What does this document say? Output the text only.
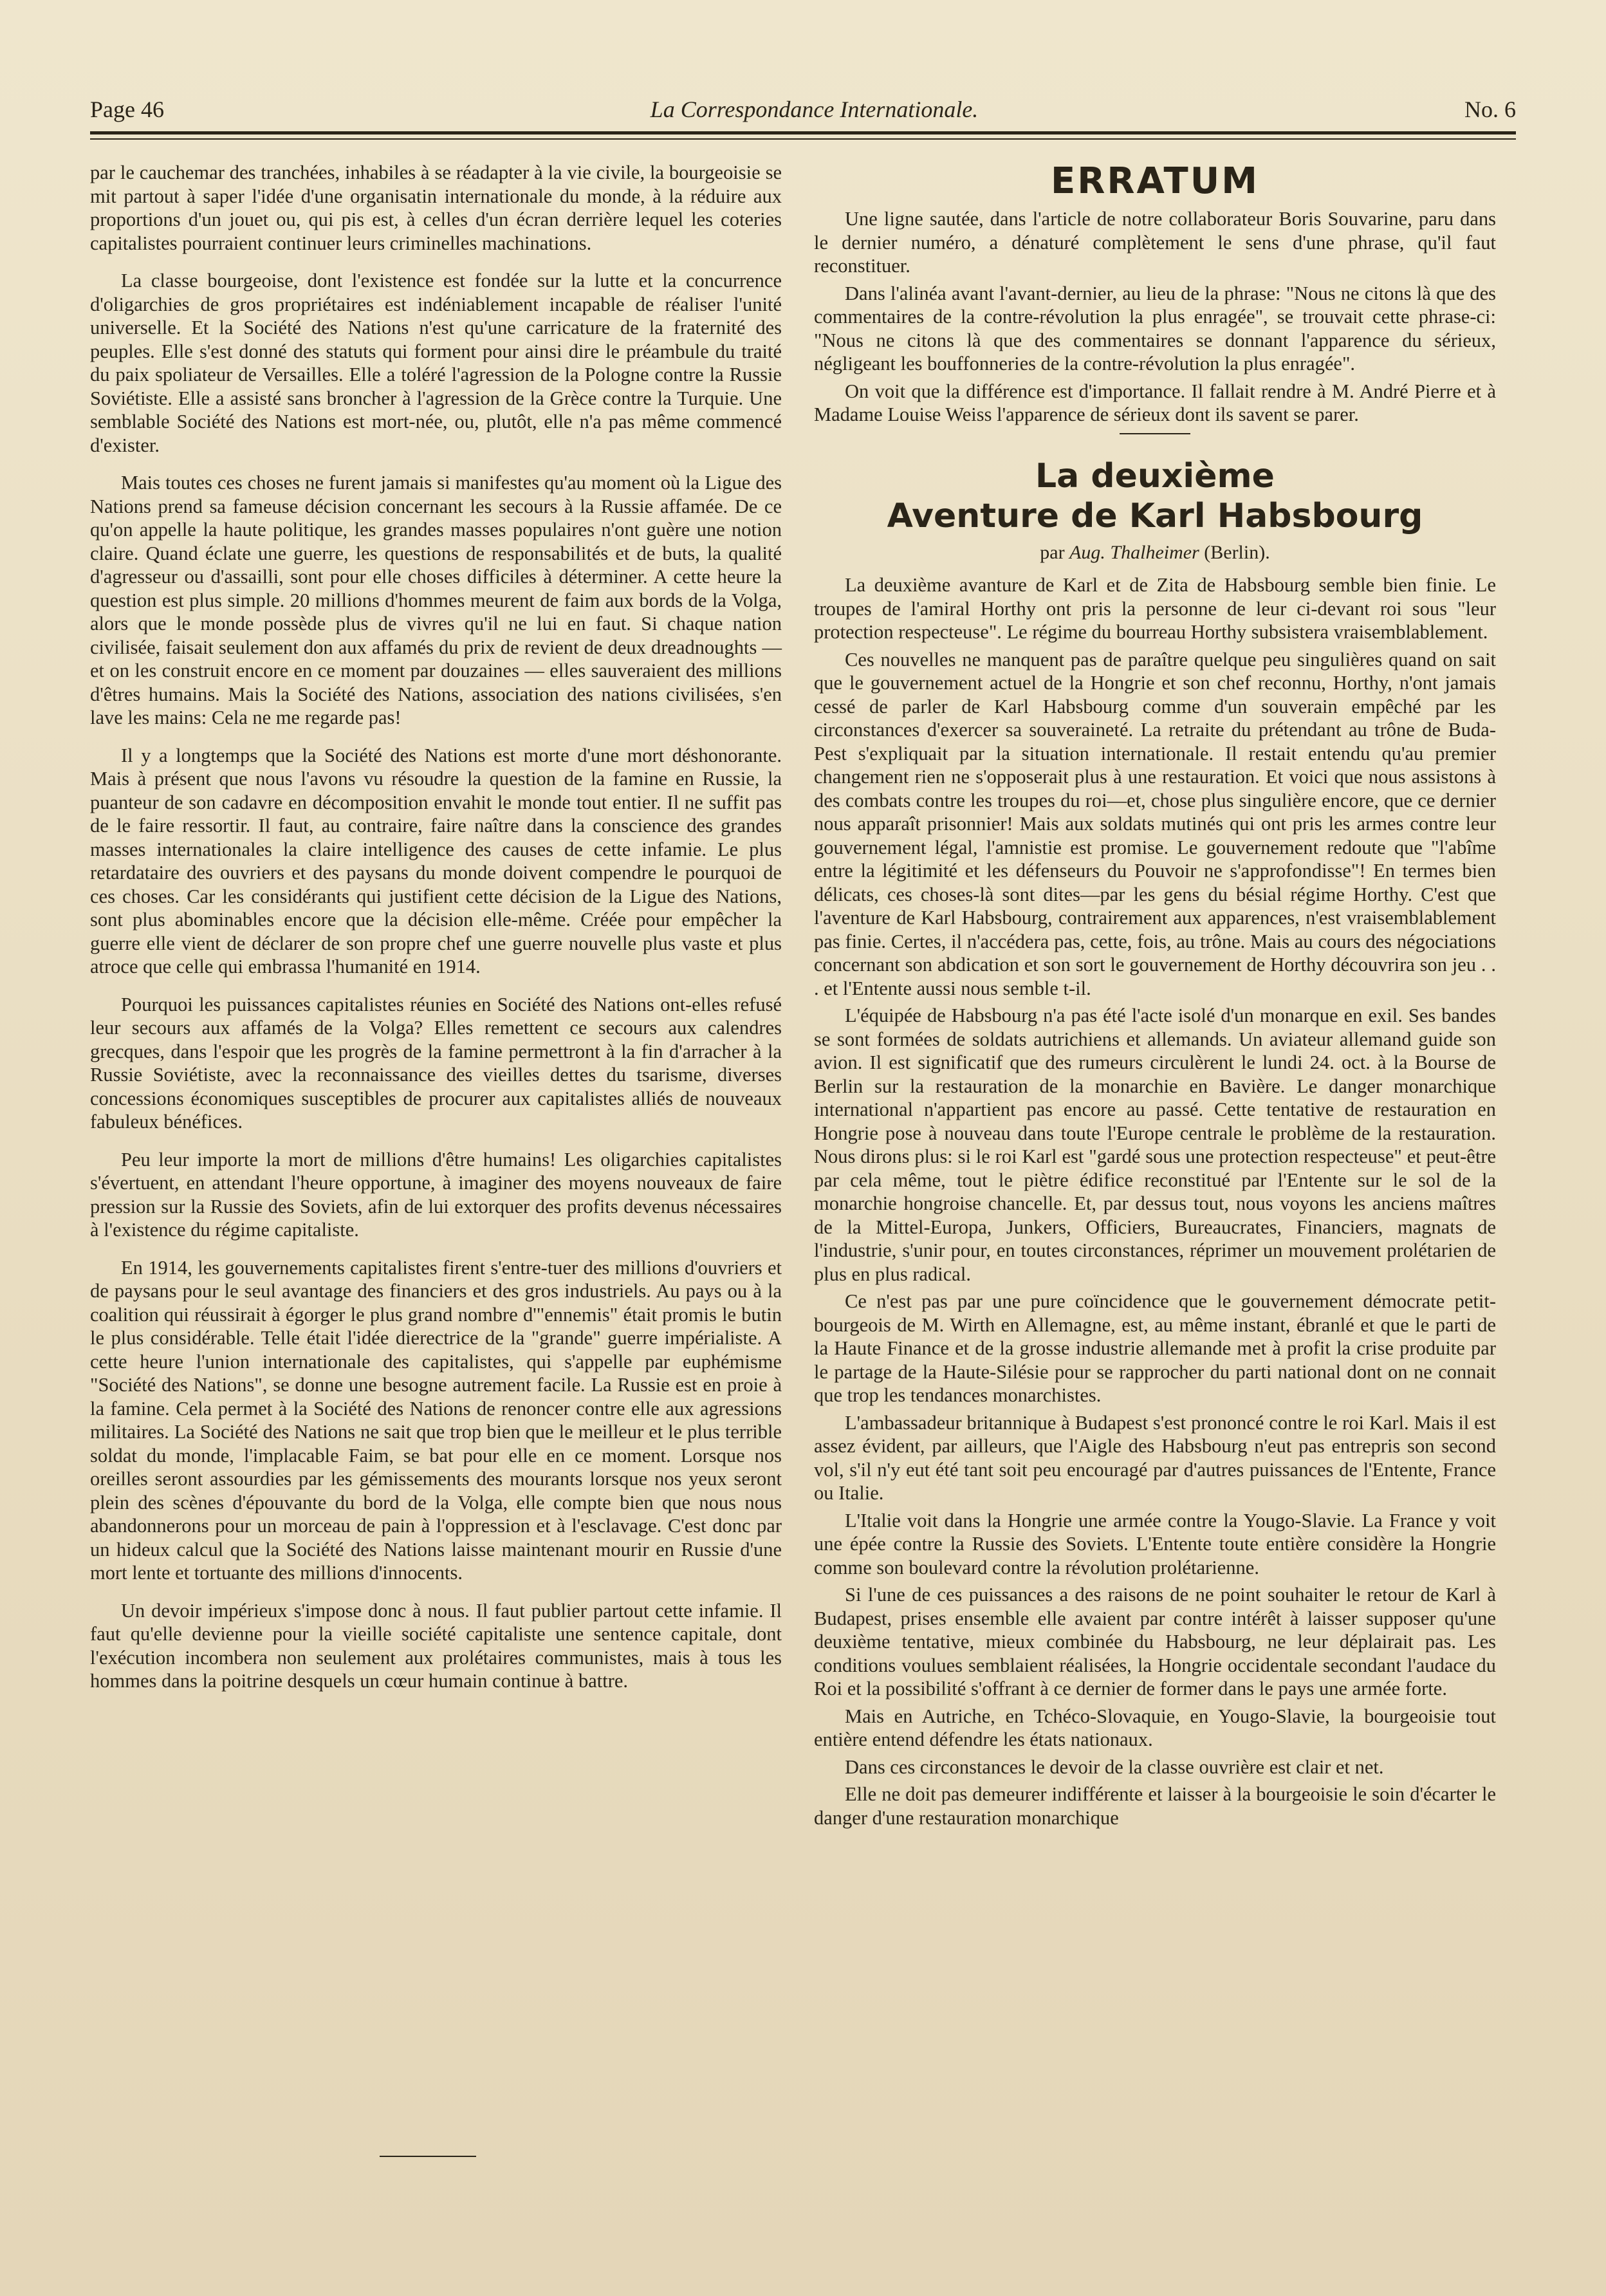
Page 46	La Correspondance Internationale.	No. 6

par le cauchemar des tranchées, inhabiles à se réadapter à la vie civile, la bourgeoisie se mit partout à saper l'idée d'une organisatin internationale du monde, à la réduire aux proportions d'un jouet ou, qui pis est, à celles d'un écran derrière lequel les coteries capitalistes pourraient continuer leurs criminelles machinations.

La classe bourgeoise, dont l'existence est fondée sur la lutte et la concurrence d'oligarchies de gros propriétaires est indéniablement incapable de réaliser l'unité universelle. Et la Société des Nations n'est qu'une carricature de la fraternité des peuples. Elle s'est donné des statuts qui forment pour ainsi dire le préambule du traité du paix spoliateur de Versailles. Elle a toléré l'agression de la Pologne contre la Russie Soviétiste. Elle a assisté sans broncher à l'agression de la Grèce contre la Turquie. Une semblable Société des Nations est mort-née, ou, plutôt, elle n'a pas même commencé d'exister.

Mais toutes ces choses ne furent jamais si manifestes qu'au moment où la Ligue des Nations prend sa fameuse décision concernant les secours à la Russie affamée. De ce qu'on appelle la haute politique, les grandes masses populaires n'ont guère une notion claire. Quand éclate une guerre, les questions de responsabilités et de buts, la qualité d'agresseur ou d'assailli, sont pour elle choses difficiles à déterminer. A cette heure la question est plus simple. 20 millions d'hommes meurent de faim aux bords de la Volga, alors que le monde possède plus de vivres qu'il ne lui en faut. Si chaque nation civilisée, faisait seulement don aux affamés du prix de revient de deux dreadnoughts — et on les construit encore en ce moment par douzaines — elles sauveraient des millions d'êtres humains. Mais la Société des Nations, association des nations civilisées, s'en lave les mains: Cela ne me regarde pas!

Il y a longtemps que la Société des Nations est morte d'une mort déshonorante. Mais à présent que nous l'avons vu résoudre la question de la famine en Russie, la puanteur de son cadavre en décomposition envahit le monde tout entier. Il ne suffit pas de le faire ressortir. Il faut, au contraire, faire naître dans la conscience des grandes masses internationales la claire intelligence des causes de cette infamie. Le plus retardataire des ouvriers et des paysans du monde doivent compendre le pourquoi de ces choses. Car les considérants qui justifient cette décision de la Ligue des Nations, sont plus abominables encore que la décision elle-même. Créée pour empêcher la guerre elle vient de déclarer de son propre chef une guerre nouvelle plus vaste et plus atroce que celle qui embrassa l'humanité en 1914.

Pourquoi les puissances capitalistes réunies en Société des Nations ont-elles refusé leur secours aux affamés de la Volga? Elles remettent ce secours aux calendres grecques, dans l'espoir que les progrès de la famine permettront à la fin d'arracher à la Russie Soviétiste, avec la reconnaissance des vieilles dettes du tsarisme, diverses concessions économiques susceptibles de procurer aux capitalistes alliés de nouveaux fabuleux bénéfices.

Peu leur importe la mort de millions d'être humains! Les oligarchies capitalistes s'évertuent, en attendant l'heure opportune, à imaginer des moyens nouveaux de faire pression sur la Russie des Soviets, afin de lui extorquer des profits devenus nécessaires à l'existence du régime capitaliste.

En 1914, les gouvernements capitalistes firent s'entre-tuer des millions d'ouvriers et de paysans pour le seul avantage des financiers et des gros industriels. Au pays ou à la coalition qui réussirait à égorger le plus grand nombre d'"ennemis" était promis le butin le plus considérable. Telle était l'idée dierectrice de la "grande" guerre impérialiste. A cette heure l'union internationale des capitalistes, qui s'appelle par euphémisme "Société des Nations", se donne une besogne autrement facile. La Russie est en proie à la famine. Cela permet à la Société des Nations de renoncer contre elle aux agressions militaires. La Société des Nations ne sait que trop bien que le meilleur et le plus terrible soldat du monde, l'implacable Faim, se bat pour elle en ce moment. Lorsque nos oreilles seront assourdies par les gémissements des mourants lorsque nos yeux seront plein des scènes d'épouvante du bord de la Volga, elle compte bien que nous nous abandonnerons pour un morceau de pain à l'oppression et à l'esclavage. C'est donc par un hideux calcul que la Société des Nations laisse maintenant mourir en Russie d'une mort lente et tortuante des millions d'innocents.

Un devoir impérieux s'impose donc à nous. Il faut publier partout cette infamie. Il faut qu'elle devienne pour la vieille société capitaliste une sentence capitale, dont l'exécution incombera non seulement aux prolétaires communistes, mais à tous les hommes dans la poitrine desquels un cœur humain continue à battre.

ERRATUM

Une ligne sautée, dans l'article de notre collaborateur Boris Souvarine, paru dans le dernier numéro, a dénaturé complètement le sens d'une phrase, qu'il faut reconstituer.

Dans l'alinéa avant l'avant-dernier, au lieu de la phrase: "Nous ne citons là que des commentaires de la contre-révolution la plus enragée", se trouvait cette phrase-ci: "Nous ne citons là que des commentaires se donnant l'apparence du sérieux, négligeant les bouffonneries de la contre-révolution la plus enragée".

On voit que la différence est d'importance. Il fallait rendre à M. André Pierre et à Madame Louise Weiss l'apparence de sérieux dont ils savent se parer.

La deuxième
Aventure de Karl Habsbourg
par Aug. Thalheimer (Berlin).

La deuxième avanture de Karl et de Zita de Habsbourg semble bien finie. Le troupes de l'amiral Horthy ont pris la personne de leur ci-devant roi sous "leur protection respecteuse". Le régime du bourreau Horthy subsistera vraisemblablement.

Ces nouvelles ne manquent pas de paraître quelque peu singulières quand on sait que le gouvernement actuel de la Hongrie et son chef reconnu, Horthy, n'ont jamais cessé de parler de Karl Habsbourg comme d'un souverain empêché par les circonstances d'exercer sa souveraineté. La retraite du prétendant au trône de Buda-Pest s'expliquait par la situation internationale. Il restait entendu qu'au premier changement rien ne s'opposerait plus à une restauration. Et voici que nous assistons à des combats contre les troupes du roi—et, chose plus singulière encore, que ce dernier nous apparaît prisonnier! Mais aux soldats mutinés qui ont pris les armes contre leur gouvernement légal, l'amnistie est promise. Le gouvernement redoute que "l'abîme entre la légitimité et les défenseurs du Pouvoir ne s'approfondisse"! En termes bien délicats, ces choses-là sont dites—par les gens du bésial régime Horthy. C'est que l'aventure de Karl Habsbourg, contrairement aux apparences, n'est vraisemblablement pas finie. Certes, il n'accédera pas, cette, fois, au trône. Mais au cours des négociations concernant son abdication et son sort le gouvernement de Horthy découvrira son jeu . . . et l'Entente aussi nous semble t-il.

L'équipée de Habsbourg n'a pas été l'acte isolé d'un monarque en exil. Ses bandes se sont formées de soldats autrichiens et allemands. Un aviateur allemand guide son avion. Il est significatif que des rumeurs circulèrent le lundi 24. oct. à la Bourse de Berlin sur la restauration de la monarchie en Bavière. Le danger monarchique international n'appartient pas encore au passé. Cette tentative de restauration en Hongrie pose à nouveau dans toute l'Europe centrale le problème de la restauration. Nous dirons plus: si le roi Karl est "gardé sous une protection respecteuse" et peut-être par cela même, tout le piètre édifice reconstitué par l'Entente sur le sol de la monarchie hongroise chancelle. Et, par dessus tout, nous voyons les anciens maîtres de la Mittel-Europa, Junkers, Officiers, Bureaucrates, Financiers, magnats de l'industrie, s'unir pour, en toutes circonstances, réprimer un mouvement prolétarien de plus en plus radical.

Ce n'est pas par une pure coïncidence que le gouvernement démocrate petit-bourgeois de M. Wirth en Allemagne, est, au même instant, ébranlé et que le parti de la Haute Finance et de la grosse industrie allemande met à profit la crise produite par le partage de la Haute-Silésie pour se rapprocher du parti national dont on ne connait que trop les tendances monarchistes.

L'ambassadeur britannique à Budapest s'est prononcé contre le roi Karl. Mais il est assez évident, par ailleurs, que l'Aigle des Habsbourg n'eut pas entrepris son second vol, s'il n'y eut été tant soit peu encouragé par d'autres puissances de l'Entente, France ou Italie.

L'Italie voit dans la Hongrie une armée contre la Yougo-Slavie. La France y voit une épée contre la Russie des Soviets. L'Entente toute entière considère la Hongrie comme son boulevard contre la révolution prolétarienne.

Si l'une de ces puissances a des raisons de ne point souhaiter le retour de Karl à Budapest, prises ensemble elle avaient par contre intérêt à laisser supposer qu'une deuxième tentative, mieux combinée du Habsbourg, ne leur déplairait pas. Les conditions voulues semblaient réalisées, la Hongrie occidentale secondant l'audace du Roi et la possibilité s'offrant à ce dernier de former dans le pays une armée forte.

Mais en Autriche, en Tchéco-Slovaquie, en Yougo-Slavie, la bourgeoisie tout entière entend défendre les états nationaux.

Dans ces circonstances le devoir de la classe ouvrière est clair et net.

Elle ne doit pas demeurer indifférente et laisser à la bourgeoisie le soin d'écarter le danger d'une restauration monarchique
